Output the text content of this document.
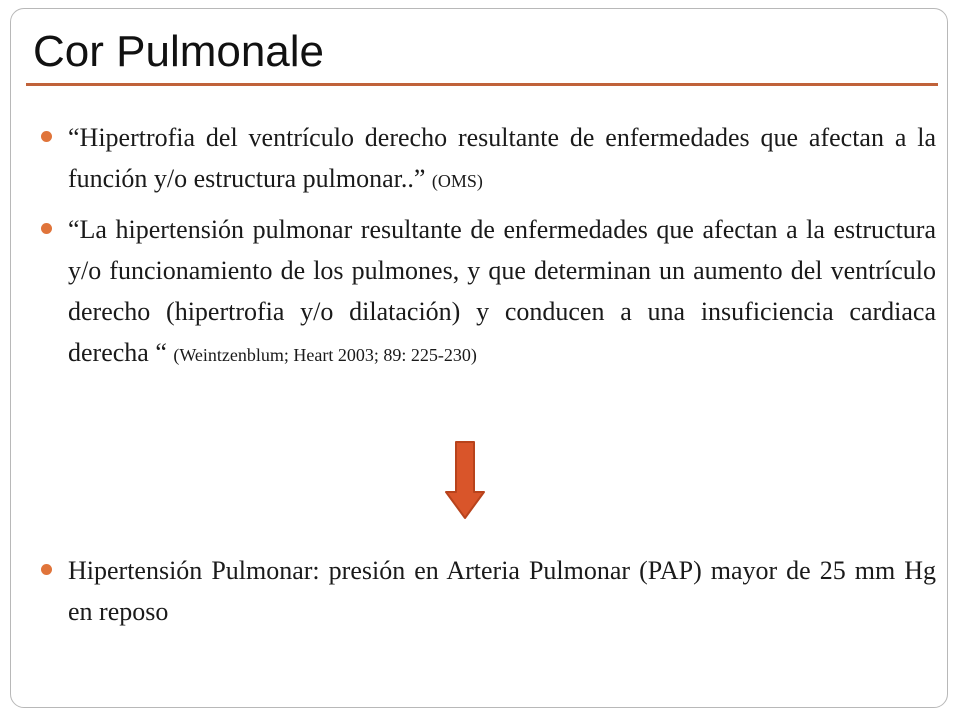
Cor Pulmonale

“Hipertrofia del ventrículo derecho resultante de enfermedades que afectan a la función y/o estructura pulmonar..” (OMS)

“La hipertensión pulmonar resultante de enfermedades que afectan a la estructura y/o funcionamiento de los pulmones, y que determinan un aumento del ventrículo derecho (hipertrofia y/o dilatación) y conducen a una insuficiencia cardiaca derecha “ (Weintzenblum; Heart 2003; 89: 225-230)

Hipertensión Pulmonar: presión en Arteria Pulmonar (PAP) mayor de 25 mm Hg en reposo
